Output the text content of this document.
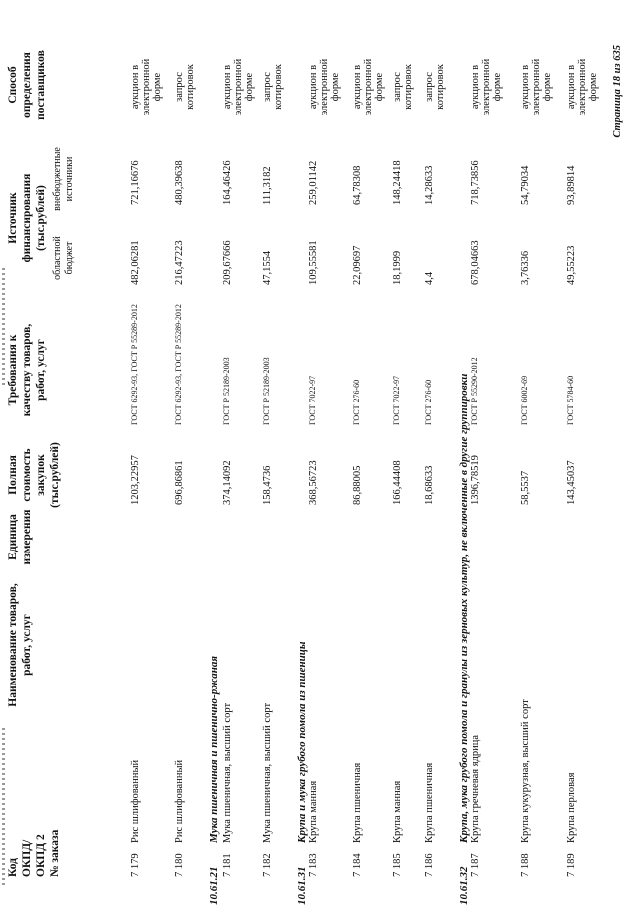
Код
ОКПД/
ОКПД 2
№ заказа
Наименование товаров,
работ, услуг
Единица
измерения
Полная
стоимость
закупок
(тыс.рублей)
Требования к
качеству товаров,
работ, услуг
Источник
финансирования
(тыс.рублей)
областной
бюджет
внебюджетные
источники
Способ
определения
поставщиков
7 179
Рис шлифованный
1203,22957
ГОСТ 6292-93, ГОСТ Р 55289-2012
482,06281
721,16676
аукцион в
электронной
форме
7 180
Рис шлифованный
696,86861
ГОСТ 6292-93, ГОСТ Р 55289-2012
216,47223
480,39638
запрос
котировок
10.61.21
Мука пшеничная и пшенично-ржаная
7 181
Мука пшеничная, высший сорт
374,14092
ГОСТ Р 52189-2003
209,67666
164,46426
аукцион в
электронной
форме
7 182
Мука пшеничная, высший сорт
158,4736
ГОСТ Р 52189-2003
47,1554
111,3182
запрос
котировок
10.61.31
Крупа и мука грубого помола из пшеницы
7 183
Крупа манная
368,56723
ГОСТ 7022-97
109,55581
259,01142
аукцион в
электронной
форме
7 184
Крупа пшеничная
86,88005
ГОСТ 276-60
22,09697
64,78308
аукцион в
электронной
форме
7 185
Крупа манная
166,44408
ГОСТ 7022-97
18,1999
148,24418
запрос
котировок
7 186
Крупа пшеничная
18,68633
ГОСТ 276-60
4,4
14,28633
запрос
котировок
10.61.32
Крупа, мука грубого помола и гранулы из зерновых культур, не включенные в другие группировки
7 187
Крупа гречневая ядрица
1396,78519
ГОСТ Р 55290-2012
678,04663
718,73856
аукцион в
электронной
форме
7 188
Крупа кукурузная, высший сорт
58,5537
ГОСТ 6002-69
3,76336
54,79034
аукцион в
электронной
форме
7 189
Крупа перловая
143,45037
ГОСТ 5784-60
49,55223
93,89814
аукцион в
электронной
форме Страница 18 из 635
